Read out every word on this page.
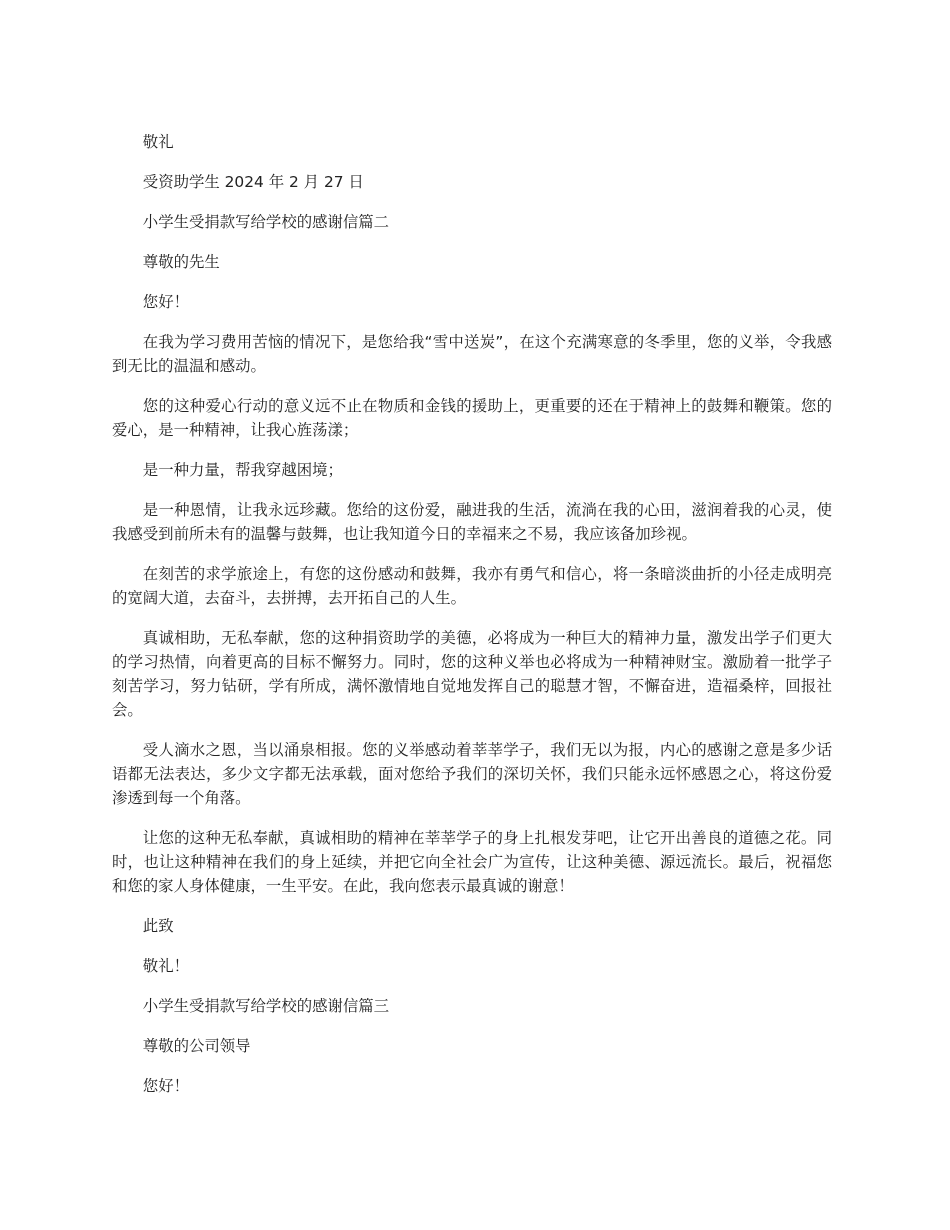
敬礼

受资助学生 2024 年 2 月 27 日

小学生受捐款写给学校的感谢信篇二

尊敬的先生

您好！

在我为学习费用苦恼的情况下，是您给我“雪中送炭”，在这个充满寒意的冬季里，您的义举，令我感到无比的温温和感动。

您的这种爱心行动的意义远不止在物质和金钱的援助上，更重要的还在于精神上的鼓舞和鞭策。您的爱心，是一种精神，让我心旌荡漾；

是一种力量，帮我穿越困境；

是一种恩情，让我永远珍藏。您给的这份爱，融进我的生活，流淌在我的心田，滋润着我的心灵，使我感受到前所未有的温馨与鼓舞，也让我知道今日的幸福来之不易，我应该备加珍视。

在刻苦的求学旅途上，有您的这份感动和鼓舞，我亦有勇气和信心，将一条暗淡曲折的小径走成明亮的宽阔大道，去奋斗，去拼搏，去开拓自己的人生。

真诚相助，无私奉献，您的这种捐资助学的美德，必将成为一种巨大的精神力量，激发出学子们更大的学习热情，向着更高的目标不懈努力。同时，您的这种义举也必将成为一种精神财宝。激励着一批学子刻苦学习，努力钻研，学有所成，满怀激情地自觉地发挥自己的聪慧才智，不懈奋进，造福桑梓，回报社会。

受人滴水之恩，当以涌泉相报。您的义举感动着莘莘学子，我们无以为报，内心的感谢之意是多少话语都无法表达，多少文字都无法承载，面对您给予我们的深切关怀，我们只能永远怀感恩之心，将这份爱渗透到每一个角落。

让您的这种无私奉献，真诚相助的精神在莘莘学子的身上扎根发芽吧，让它开出善良的道德之花。同时，也让这种精神在我们的身上延续，并把它向全社会广为宣传，让这种美德、源远流长。最后，祝福您和您的家人身体健康，一生平安。在此，我向您表示最真诚的谢意！

此致

敬礼！

小学生受捐款写给学校的感谢信篇三

尊敬的公司领导

您好！
